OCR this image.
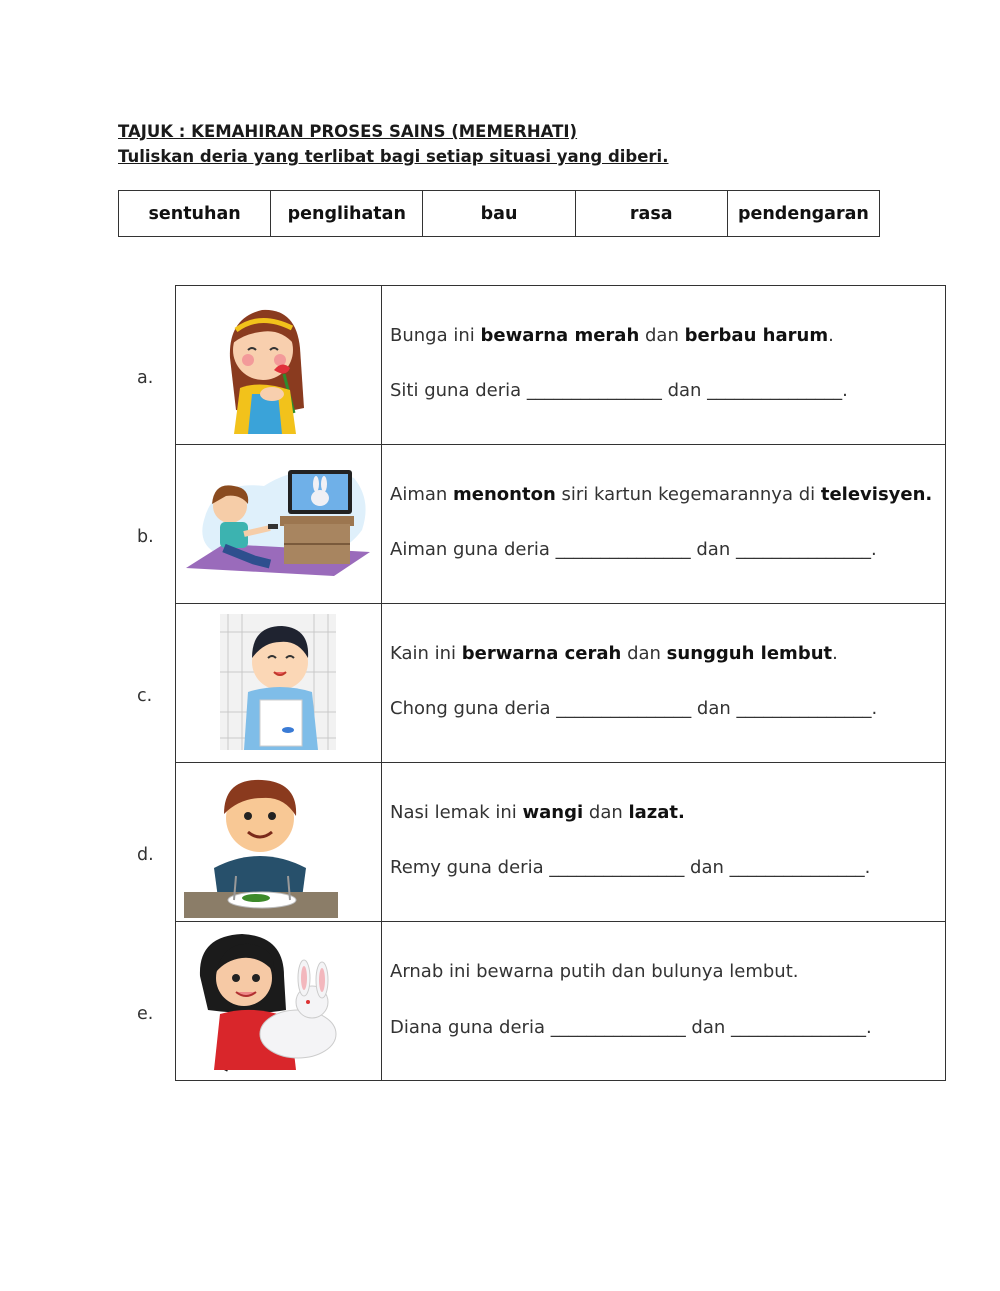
TAJUK : KEMAHIRAN PROSES SAINS (MEMERHATI)
Tuliskan deria yang terlibat bagi setiap situasi yang diberi.
sentuhan	penglihatan	bau	rasa	pendengaran
a.
Bunga ini bewarna merah dan berbau harum.
Siti guna deria _______________ dan _______________.
b.
Aiman menonton siri kartun kegemarannya di televisyen.
Aiman guna deria _______________ dan _______________.
c.
Kain ini berwarna cerah dan sungguh lembut.
Chong guna deria _______________ dan _______________.
d.
Nasi lemak ini wangi dan lazat.
Remy guna deria _______________ dan _______________.
e.
Arnab ini bewarna putih dan bulunya lembut.
Diana guna deria _______________ dan _______________.
